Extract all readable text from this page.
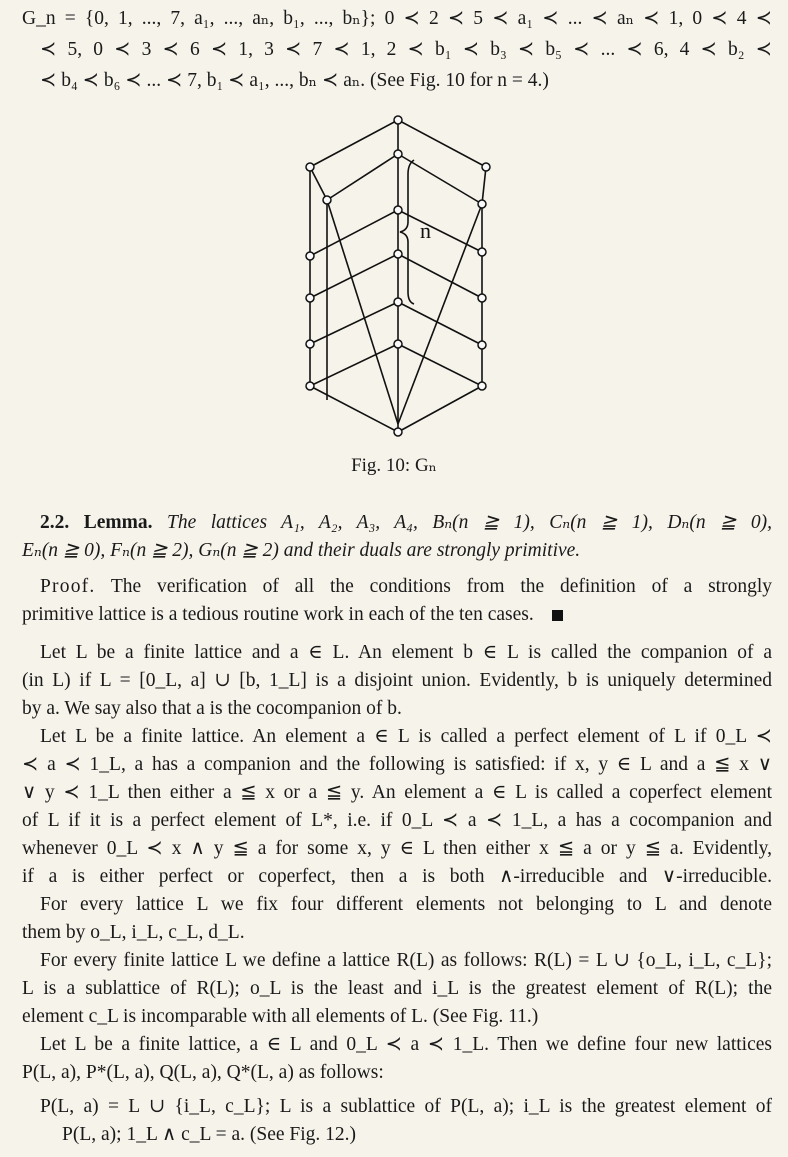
G_n = {0, 1, ..., 7, a₁, ..., aₙ, b₁, ..., bₙ}; 0 ≺ 2 ≺ 5 ≺ a₁ ≺ ... ≺ aₙ ≺ 1, 0 ≺ 4 ≺
≺ 5, 0 ≺ 3 ≺ 6 ≺ 1, 3 ≺ 7 ≺ 1, 2 ≺ b₁ ≺ b₃ ≺ b₅ ≺ ... ≺ 6, 4 ≺ b₂ ≺
≺ b₄ ≺ b₆ ≺ ... ≺ 7, b₁ ≺ a₁, ..., bₙ ≺ aₙ. (See Fig. 10 for n = 4.)
n
Fig. 10: Gₙ
2.2. Lemma. The lattices A₁, A₂, A₃, A₄, Bₙ(n ≧ 1), Cₙ(n ≧ 1), Dₙ(n ≧ 0),
Eₙ(n ≧ 0), Fₙ(n ≧ 2), Gₙ(n ≧ 2) and their duals are strongly primitive.
Proof. The verification of all the conditions from the definition of a strongly
primitive lattice is a tedious routine work in each of the ten cases.
Let L be a finite lattice and a ∈ L. An element b ∈ L is called the companion of a
(in L) if L = [0_L, a] ∪ [b, 1_L] is a disjoint union. Evidently, b is uniquely determined
by a. We say also that a is the cocompanion of b.
Let L be a finite lattice. An element a ∈ L is called a perfect element of L if 0_L ≺
≺ a ≺ 1_L, a has a companion and the following is satisfied: if x, y ∈ L and a ≦ x ∨
∨ y ≺ 1_L then either a ≦ x or a ≦ y. An element a ∈ L is called a coperfect element
of L if it is a perfect element of L*, i.e. if 0_L ≺ a ≺ 1_L, a has a cocompanion and
whenever 0_L ≺ x ∧ y ≦ a for some x, y ∈ L then either x ≦ a or y ≦ a. Evidently,
if a is either perfect or coperfect, then a is both ∧-irreducible and ∨-irreducible.
For every lattice L we fix four different elements not belonging to L and denote
them by o_L, i_L, c_L, d_L.
For every finite lattice L we define a lattice R(L) as follows: R(L) = L ∪ {o_L, i_L, c_L};
L is a sublattice of R(L); o_L is the least and i_L is the greatest element of R(L); the
element c_L is incomparable with all elements of L. (See Fig. 11.)
Let L be a finite lattice, a ∈ L and 0_L ≺ a ≺ 1_L. Then we define four new lattices
P(L, a), P*(L, a), Q(L, a), Q*(L, a) as follows:
P(L, a) = L ∪ {i_L, c_L}; L is a sublattice of P(L, a); i_L is the greatest element of
P(L, a); 1_L ∧ c_L = a. (See Fig. 12.)
